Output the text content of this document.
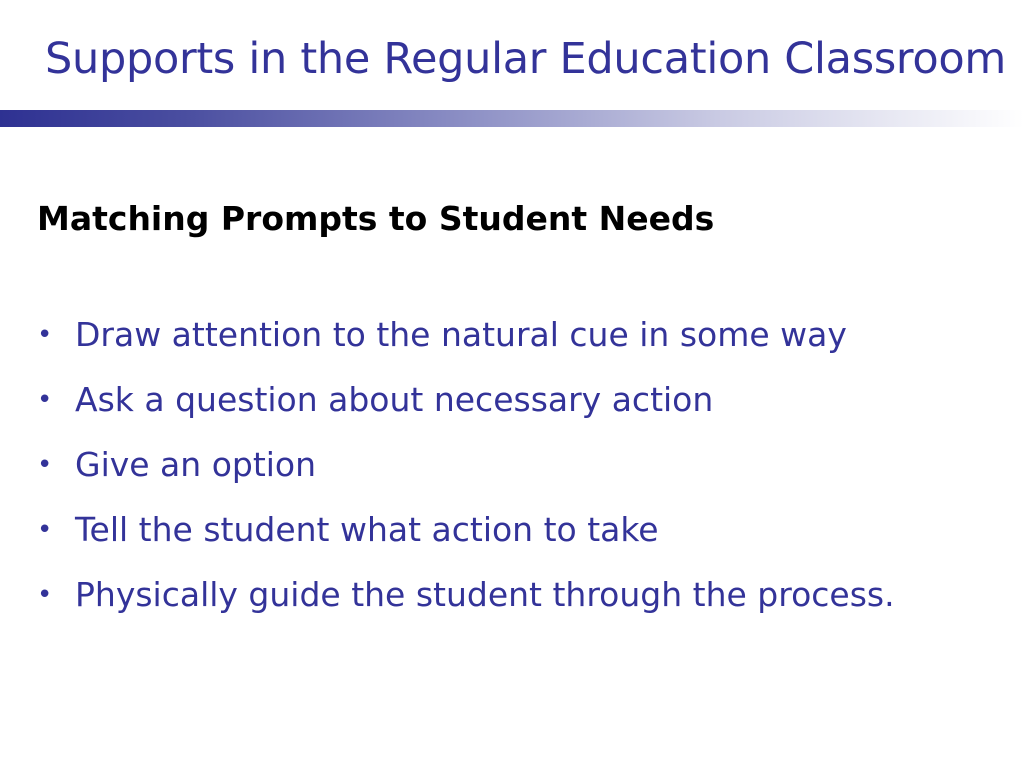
Supports in the Regular Education Classroom
Matching Prompts to Student Needs
• Draw attention to the natural cue in some way
• Ask a question about necessary action
• Give an option
• Tell the student what action to take
• Physically guide the student through the process.
